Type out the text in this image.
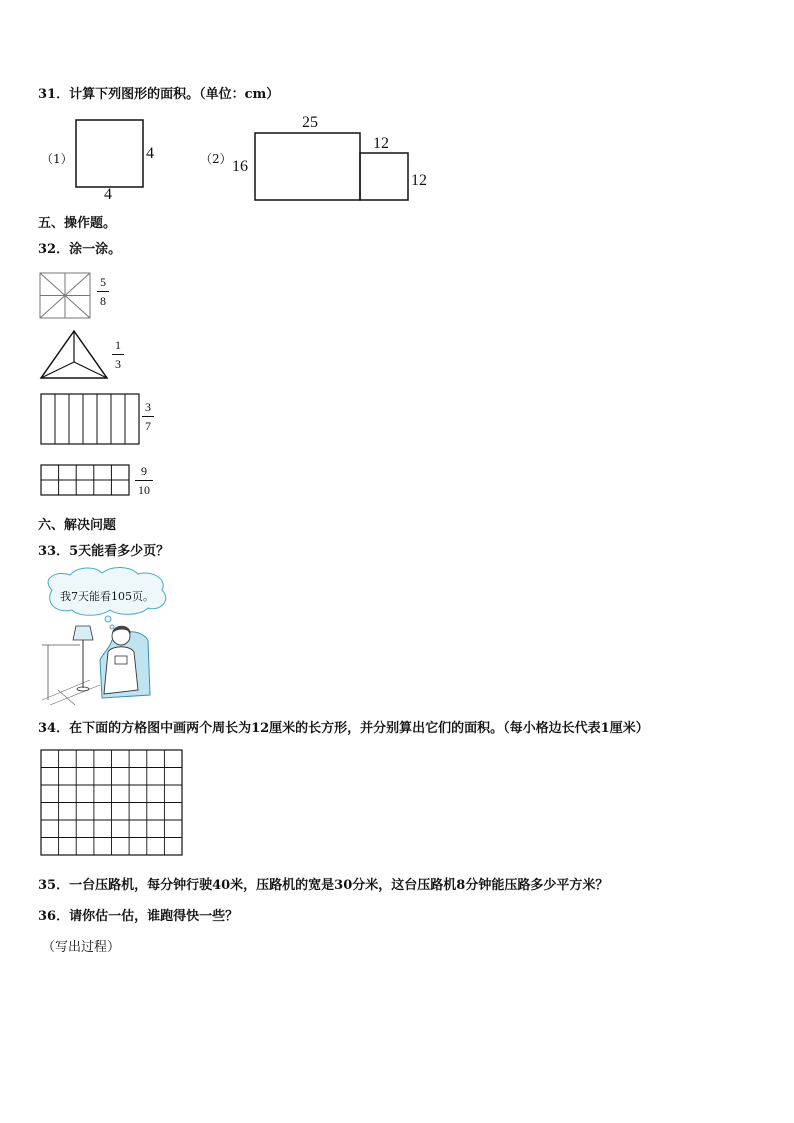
31．计算下列图形的面积。（单位：cm）
（1）	4
4
（2）
25
16
12
12
五、操作题。
32．涂一涂。
5
8
1
3
3
7
9
10
六、解决问题
33．5天能看多少页？
我7天能看105页。
34．在下面的方格图中画两个周长为12厘米的长方形，并分别算出它们的面积。（每小格边长代表1厘米）
35．一台压路机，每分钟行驶40米，压路机的宽是30分米，这台压路机8分钟能压路多少平方米？
36．请你估一估，谁跑得快一些？
（写出过程）
